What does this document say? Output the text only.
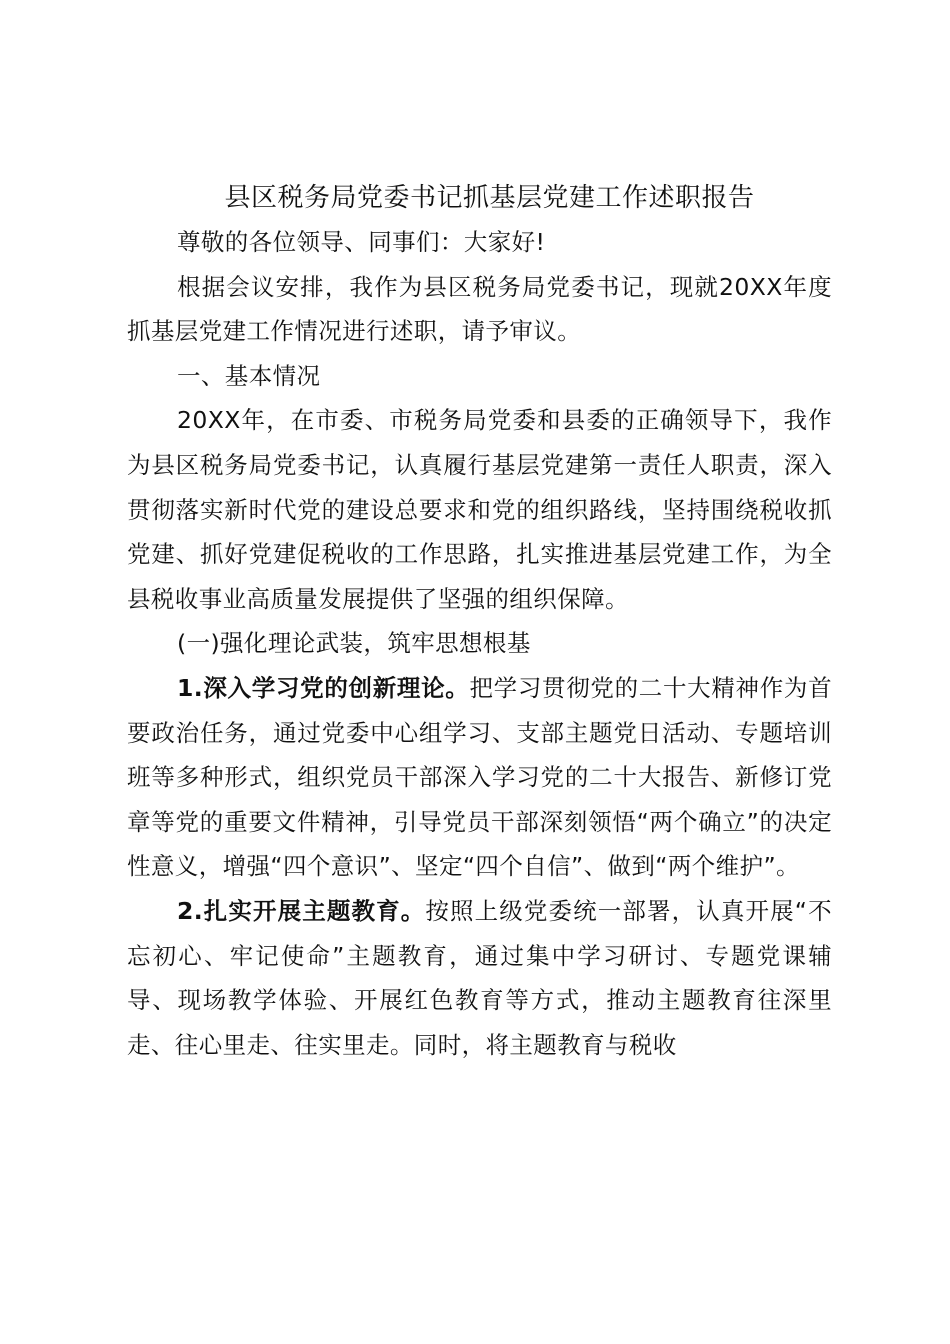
县区税务局党委书记抓基层党建工作述职报告

尊敬的各位领导、同事们：大家好!

根据会议安排，我作为县区税务局党委书记，现就20XX年度抓基层党建工作情况进行述职，请予审议。

一、基本情况

20XX年，在市委、市税务局党委和县委的正确领导下，我作为县区税务局党委书记，认真履行基层党建第一责任人职责，深入贯彻落实新时代党的建设总要求和党的组织路线，坚持围绕税收抓党建、抓好党建促税收的工作思路，扎实推进基层党建工作，为全县税收事业高质量发展提供了坚强的组织保障。

(一)强化理论武装，筑牢思想根基

1.深入学习党的创新理论。把学习贯彻党的二十大精神作为首要政治任务，通过党委中心组学习、支部主题党日活动、专题培训班等多种形式，组织党员干部深入学习党的二十大报告、新修订党章等党的重要文件精神，引导党员干部深刻领悟“两个确立”的决定性意义，增强“四个意识”、坚定“四个自信”、做到“两个维护”。

2.扎实开展主题教育。按照上级党委统一部署，认真开展“不忘初心、牢记使命”主题教育，通过集中学习研讨、专题党课辅导、现场教学体验、开展红色教育等方式，推动主题教育往深里走、往心里走、往实里走。同时，将主题教育与税收
